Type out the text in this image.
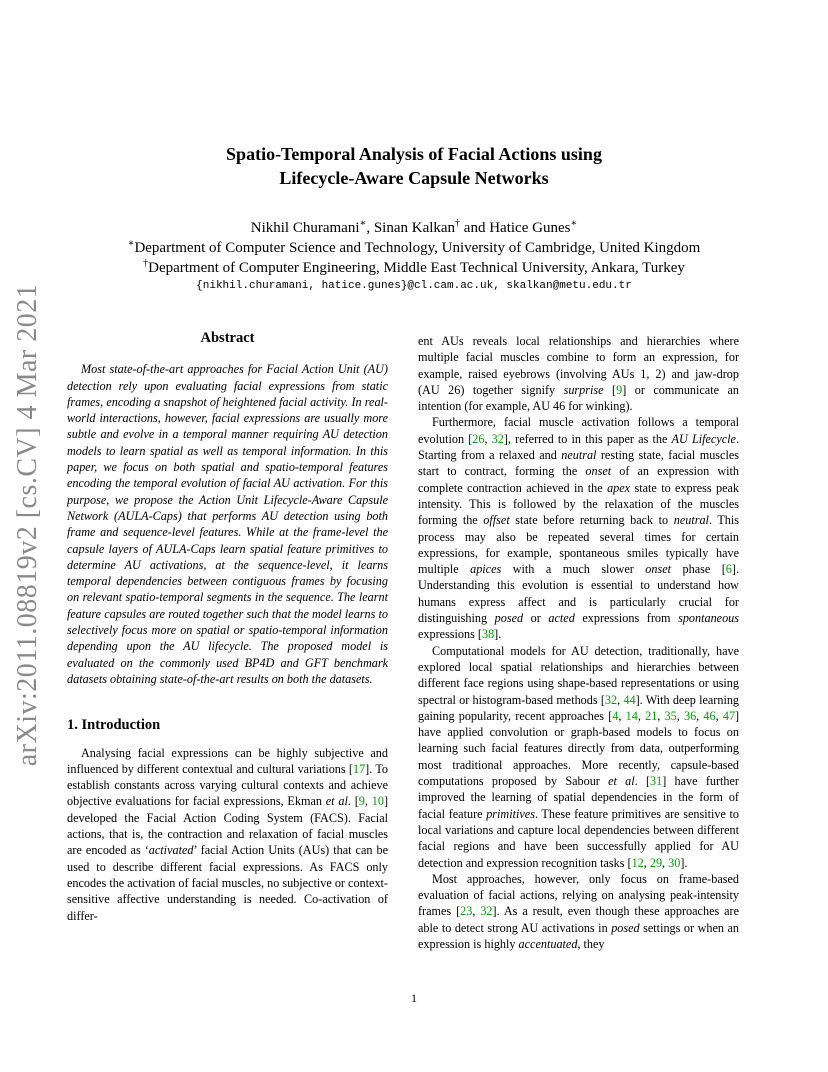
arXiv:2011.08819v2 [cs.CV] 4 Mar 2021
Spatio-Temporal Analysis of Facial Actions using
Lifecycle-Aware Capsule Networks
Nikhil Churamani∗, Sinan Kalkan† and Hatice Gunes∗
∗Department of Computer Science and Technology, University of Cambridge, United Kingdom
†Department of Computer Engineering, Middle East Technical University, Ankara, Turkey
{nikhil.churamani, hatice.gunes}@cl.cam.ac.uk, skalkan@metu.edu.tr
Abstract

Most state-of-the-art approaches for Facial Action Unit (AU) detection rely upon evaluating facial expressions from static frames, encoding a snapshot of heightened facial activity. In real-world interactions, however, facial expressions are usually more subtle and evolve in a temporal manner requiring AU detection models to learn spatial as well as temporal information. In this paper, we focus on both spatial and spatio-temporal features encoding the temporal evolution of facial AU activation. For this purpose, we propose the Action Unit Lifecycle-Aware Capsule Network (AULA-Caps) that performs AU detection using both frame and sequence-level features. While at the frame-level the capsule layers of AULA-Caps learn spatial feature primitives to determine AU activations, at the sequence-level, it learns temporal dependencies between contiguous frames by focusing on relevant spatio-temporal segments in the sequence. The learnt feature capsules are routed together such that the model learns to selectively focus more on spatial or spatio-temporal information depending upon the AU lifecycle. The proposed model is evaluated on the commonly used BP4D and GFT benchmark datasets obtaining state-of-the-art results on both the datasets.

1. Introduction

Analysing facial expressions can be highly subjective and influenced by different contextual and cultural variations [17]. To establish constants across varying cultural contexts and achieve objective evaluations for facial expressions, Ekman et al. [9, 10] developed the Facial Action Coding System (FACS). Facial actions, that is, the contraction and relaxation of facial muscles are encoded as ‘activated’ facial Action Units (AUs) that can be used to describe different facial expressions. As FACS only encodes the activation of facial muscles, no subjective or context-sensitive affective understanding is needed. Co-activation of differ-

ent AUs reveals local relationships and hierarchies where multiple facial muscles combine to form an expression, for example, raised eyebrows (involving AUs 1, 2) and jaw-drop (AU 26) together signify surprise [9] or communicate an intention (for example, AU 46 for winking).

Furthermore, facial muscle activation follows a temporal evolution [26, 32], referred to in this paper as the AU Lifecycle. Starting from a relaxed and neutral resting state, facial muscles start to contract, forming the onset of an expression with complete contraction achieved in the apex state to express peak intensity. This is followed by the relaxation of the muscles forming the offset state before returning back to neutral. This process may also be repeated several times for certain expressions, for example, spontaneous smiles typically have multiple apices with a much slower onset phase [6]. Understanding this evolution is essential to understand how humans express affect and is particularly crucial for distinguishing posed or acted expressions from spontaneous expressions [38].

Computational models for AU detection, traditionally, have explored local spatial relationships and hierarchies between different face regions using shape-based representations or using spectral or histogram-based methods [32, 44]. With deep learning gaining popularity, recent approaches [4, 14, 21, 35, 36, 46, 47] have applied convolution or graph-based models to focus on learning such facial features directly from data, outperforming most traditional approaches. More recently, capsule-based computations proposed by Sabour et al. [31] have further improved the learning of spatial dependencies in the form of facial feature primitives. These feature primitives are sensitive to local variations and capture local dependencies between different facial regions and have been successfully applied for AU detection and expression recognition tasks [12, 29, 30].

Most approaches, however, only focus on frame-based evaluation of facial actions, relying on analysing peak-intensity frames [23, 32]. As a result, even though these approaches are able to detect strong AU activations in posed settings or when an expression is highly accentuated, they

1
